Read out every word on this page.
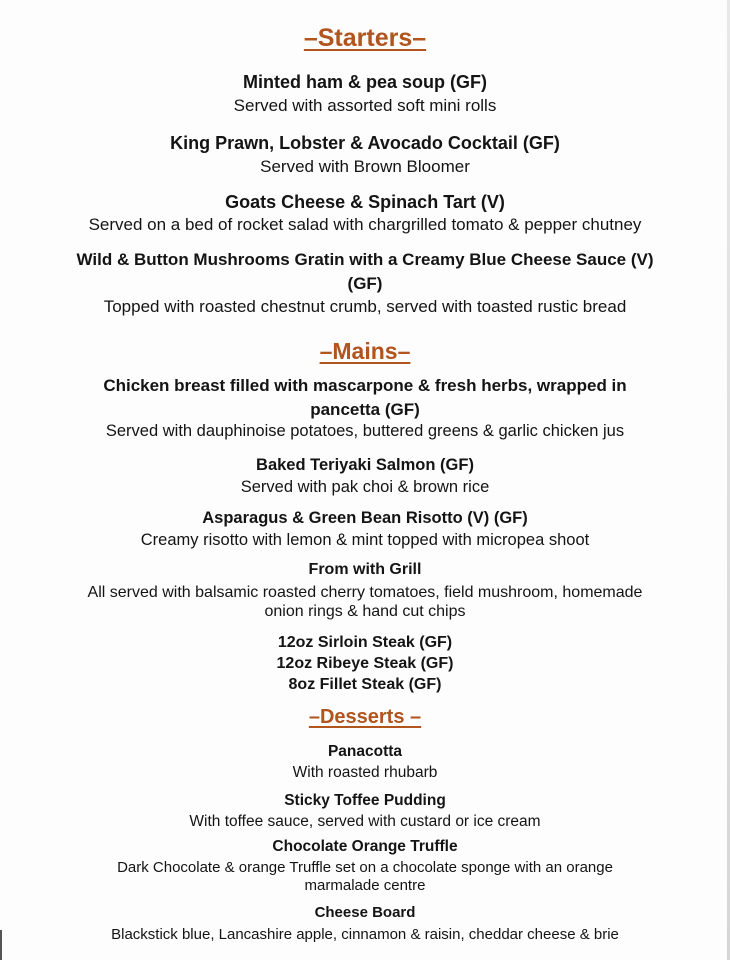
–Starters–
Minted ham & pea soup (GF)
Served with assorted soft mini rolls
King Prawn, Lobster & Avocado Cocktail (GF)
Served with Brown Bloomer
Goats Cheese & Spinach Tart (V)
Served on a bed of rocket salad with chargrilled tomato & pepper chutney
Wild & Button Mushrooms Gratin with a Creamy Blue Cheese Sauce (V)
(GF)
Topped with roasted chestnut crumb, served with toasted rustic bread
–Mains–
Chicken breast filled with mascarpone & fresh herbs, wrapped in
pancetta (GF)
Served with dauphinoise potatoes, buttered greens & garlic chicken jus
Baked Teriyaki Salmon (GF)
Served with pak choi & brown rice
Asparagus & Green Bean Risotto (V) (GF)
Creamy risotto with lemon & mint topped with micropea shoot
From with Grill
All served with balsamic roasted cherry tomatoes, field mushroom, homemade
onion rings & hand cut chips
12oz Sirloin Steak (GF)
12oz Ribeye Steak (GF)
8oz Fillet Steak (GF)
–Desserts –
Panacotta
With roasted rhubarb
Sticky Toffee Pudding
With toffee sauce, served with custard or ice cream
Chocolate Orange Truffle
Dark Chocolate & orange Truffle set on a chocolate sponge with an orange
marmalade centre
Cheese Board
Blackstick blue, Lancashire apple, cinnamon & raisin, cheddar cheese & brie
